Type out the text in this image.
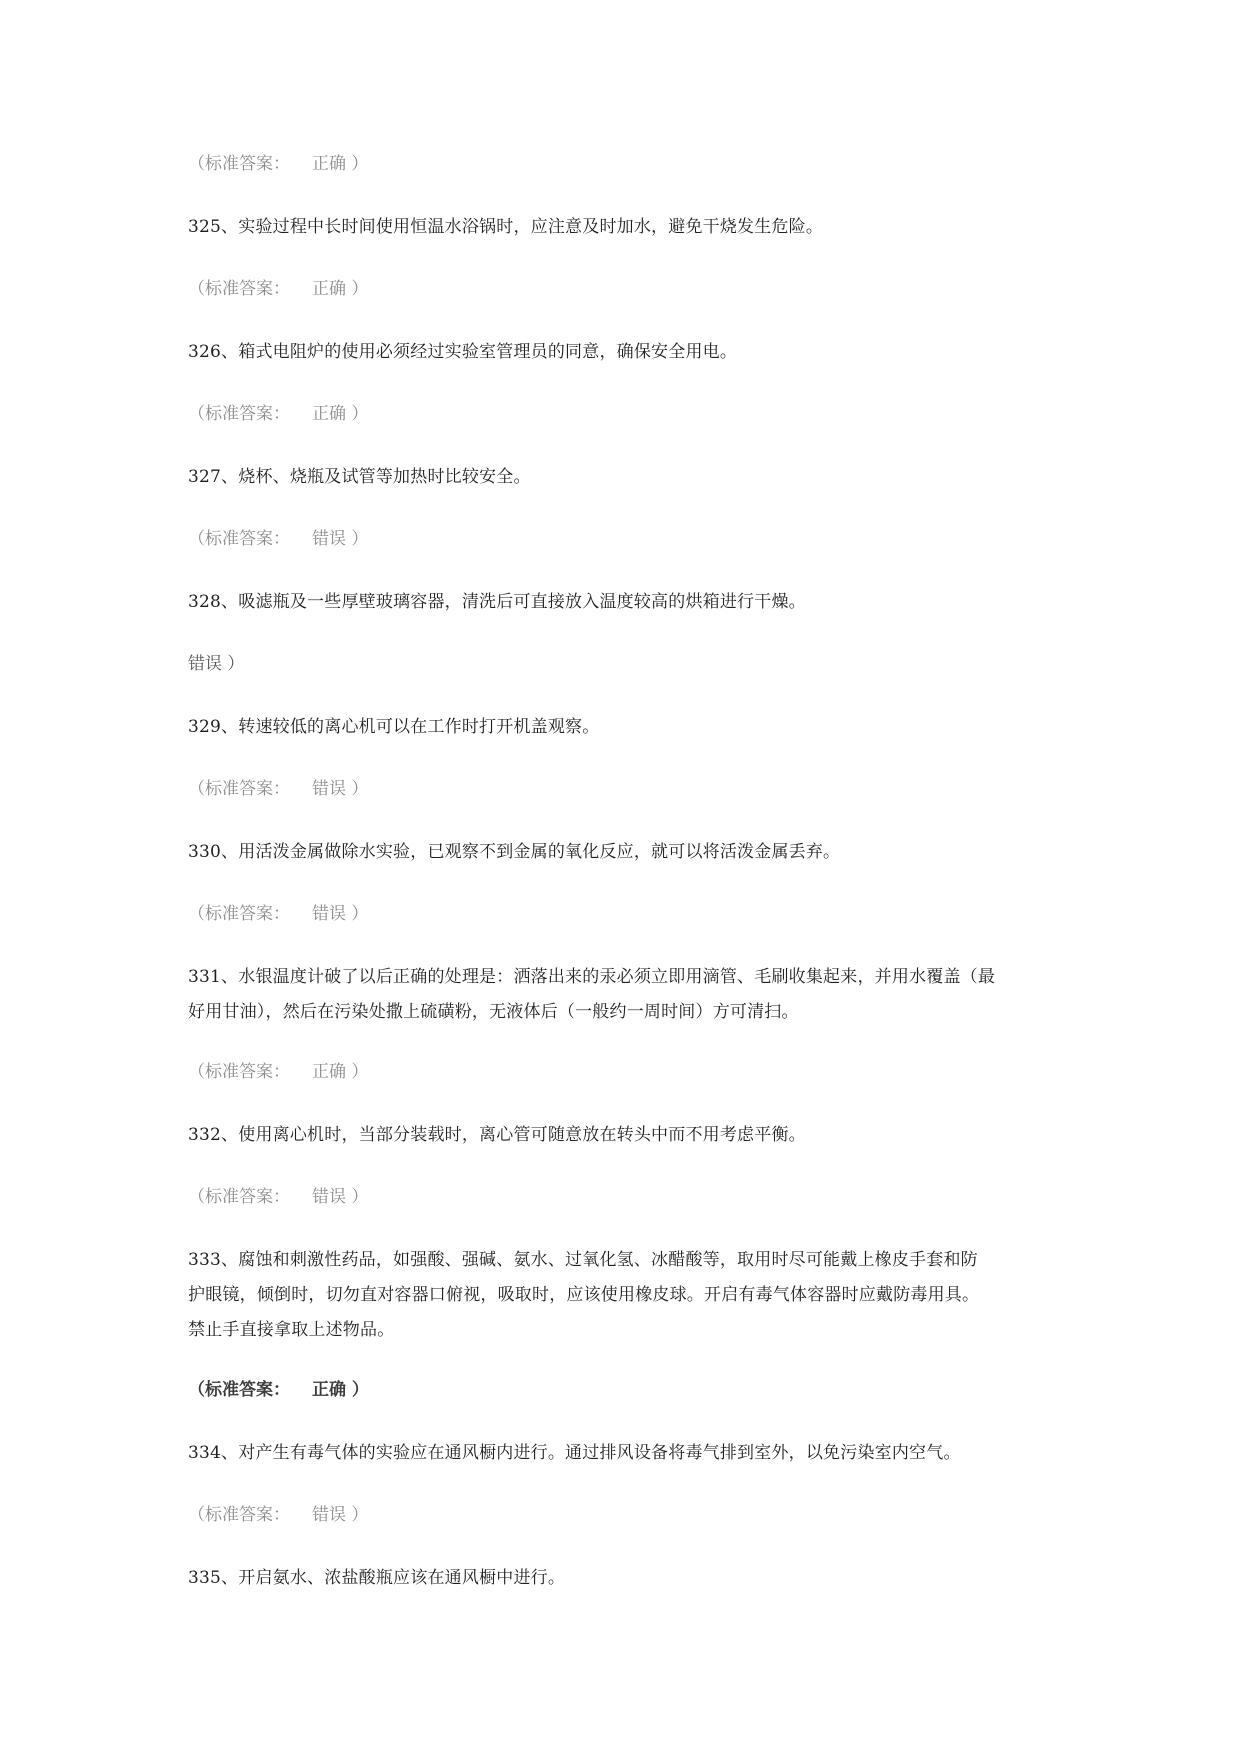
（标准答案： 正确 ）
325、实验过程中长时间使用恒温水浴锅时，应注意及时加水，避免干烧发生危险。
（标准答案： 正确 ）
326、箱式电阻炉的使用必须经过实验室管理员的同意，确保安全用电。
（标准答案： 正确 ）
327、烧杯、烧瓶及试管等加热时比较安全。
（标准答案： 错误 ）
328、吸滤瓶及一些厚壁玻璃容器，清洗后可直接放入温度较高的烘箱进行干燥。
错误 ）
329、转速较低的离心机可以在工作时打开机盖观察。
（标准答案： 错误 ）
330、用活泼金属做除水实验，已观察不到金属的氧化反应，就可以将活泼金属丢弃。
（标准答案： 错误 ）
331、水银温度计破了以后正确的处理是：洒落出来的汞必须立即用滴管、毛刷收集起来，并用水覆盖（最
好用甘油），然后在污染处撒上硫磺粉，无液体后（一般约一周时间）方可清扫。
（标准答案： 正确 ）
332、使用离心机时，当部分装载时，离心管可随意放在转头中而不用考虑平衡。
（标准答案： 错误 ）
333、腐蚀和刺激性药品，如强酸、强碱、氨水、过氧化氢、冰醋酸等，取用时尽可能戴上橡皮手套和防
护眼镜，倾倒时，切勿直对容器口俯视，吸取时，应该使用橡皮球。开启有毒气体容器时应戴防毒用具。
禁止手直接拿取上述物品。
（标准答案： 正确 ）
334、对产生有毒气体的实验应在通风橱内进行。通过排风设备将毒气排到室外，以免污染室内空气。
（标准答案： 错误 ）
335、开启氨水、浓盐酸瓶应该在通风橱中进行。
